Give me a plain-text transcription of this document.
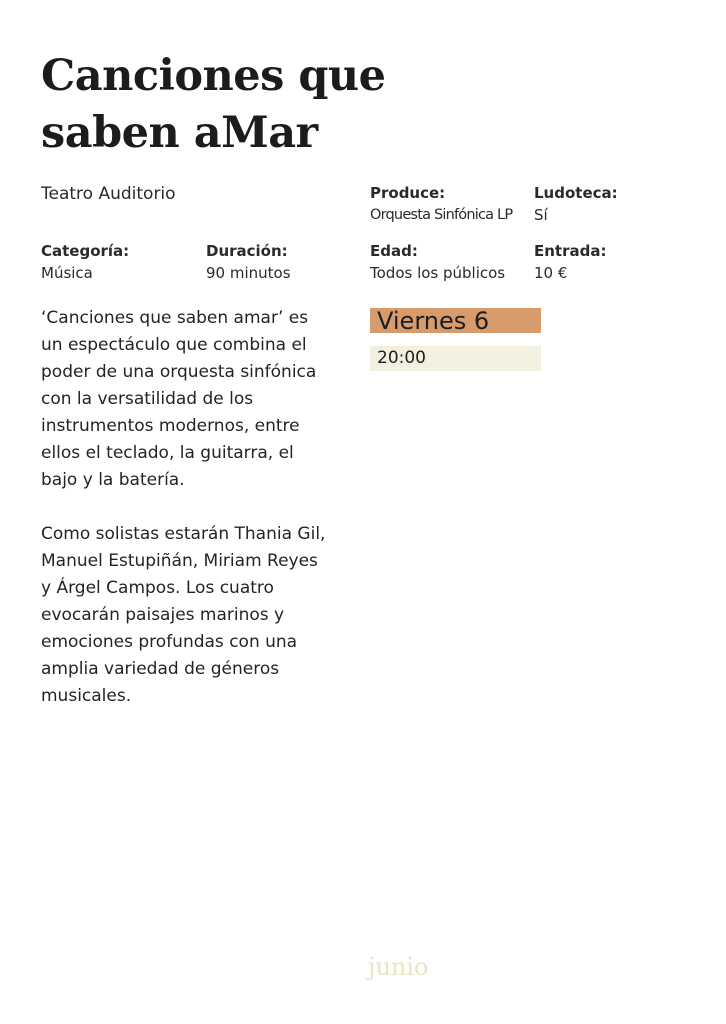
Canciones que saben aMar
Teatro Auditorio	Produce:
Orquesta Sinfónica LP
Ludoteca:
Sí
Categoría:
Música
Duración:
90 minutos
Edad:
Todos los públicos
Entrada:
10 €

‘Canciones que saben amar’ es un espectáculo que combina el poder de una orquesta sinfónica con la versatilidad de los instrumentos modernos, entre ellos el teclado, la guitarra, el bajo y la batería.

Como solistas estarán Thania Gil, Manuel Estupiñán, Miriam Reyes y Árgel Campos. Los cuatro evocarán paisajes marinos y emociones profundas con una amplia variedad de géneros musicales.

Viernes 6
20:00
junio
